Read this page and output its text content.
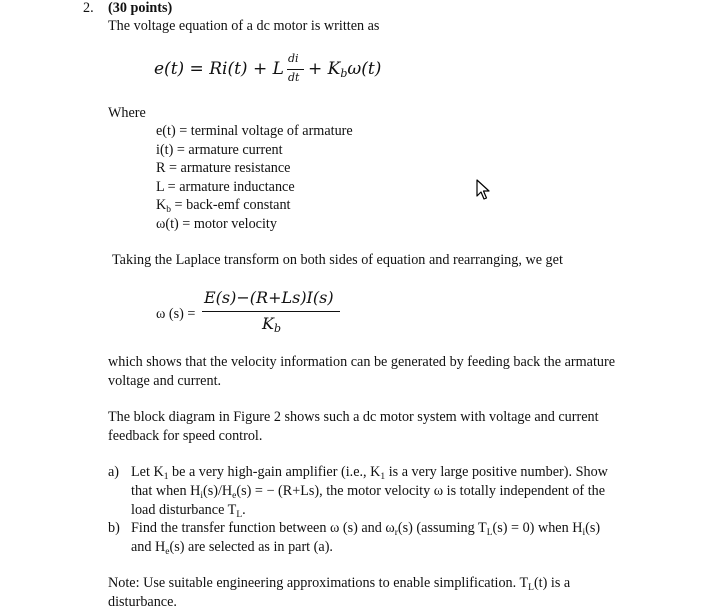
2. (30 points)
The voltage equation of a dc motor is written as
e(t) = Ri(t) + L
di
dt + $K_b\omega(t)$
Where
e(t) = terminal voltage of armature
i(t) = armature current
R = armature resistance
L = armature inductance
$K_b$ = back-emf constant
ω(t) = motor velocity
Taking the Laplace transform on both sides of equation and rearranging, we get
ω (s) =
E(s)−(R+Ls)I(s)
$K_b$
which shows that the velocity information can be generated by feeding back the armature
voltage and current.
The block diagram in Figure 2 shows such a dc motor system with voltage and current
feedback for speed control.
a) Let $K_1$ be a very high-gain amplifier (i.e., $K_1$ is a very large positive number). Show
that when $H_i(s)/H_e(s)$ = − (R+Ls), the motor velocity ω is totally independent of the
load disturbance $T_L$.
b) Find the transfer function between ω (s) and $\omega_r(s)$ (assuming $T_L(s) = 0$) when $H_i(s)$
and $H_e(s)$ are selected as in part (a).
Note: Use suitable engineering approximations to enable simplification. $T_L(t)$ is a
disturbance.
